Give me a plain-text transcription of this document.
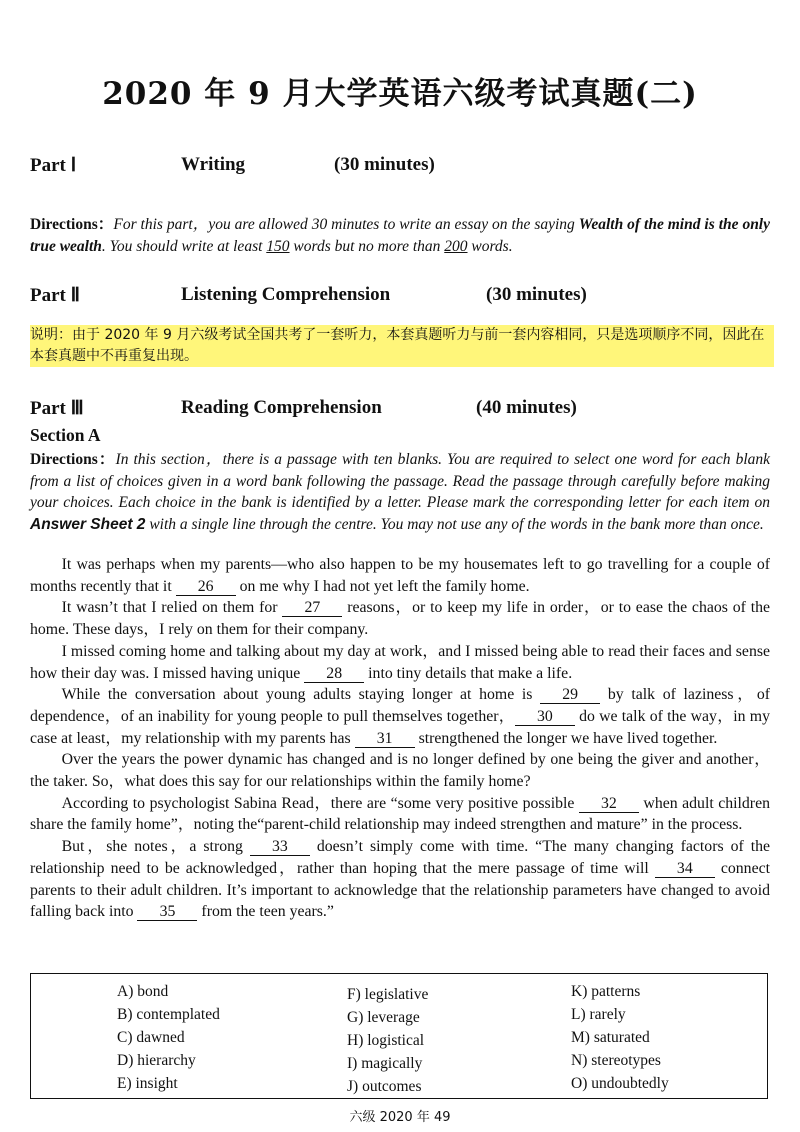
2020 年 9 月大学英语六级考试真题(二)
Part Ⅰ	Writing	(30 minutes)
Directions：For this part，you are allowed 30 minutes to write an essay on the saying Wealth of the mind is the only true wealth. You should write at least 150 words but no more than 200 words.
Part Ⅱ	Listening Comprehension	(30 minutes)
说明：由于 2020 年 9 月六级考试全国共考了一套听力，本套真题听力与前一套内容相同，只是选项顺序不同，因此在本套真题中不再重复出现。
Part Ⅲ	Reading Comprehension	(40 minutes)
Section A
Directions：In this section，there is a passage with ten blanks. You are required to select one word for each blank from a list of choices given in a word bank following the passage. Read the passage through carefully before making your choices. Each choice in the bank is identified by a letter. Please mark the corresponding letter for each item on Answer Sheet 2 with a single line through the centre. You may not use any of the words in the bank more than once.

It was perhaps when my parents—who also happen to be my housemates left to go travelling for a couple of months recently that it 26 on me why I had not yet left the family home.

It wasn’t that I relied on them for 27 reasons，or to keep my life in order，or to ease the chaos of the home. These days，I rely on them for their company.

I missed coming home and talking about my day at work，and I missed being able to read their faces and sense how their day was. I missed having unique 28 into tiny details that make a life.

While the conversation about young adults staying longer at home is 29 by talk of laziness，of dependence，of an inability for young people to pull themselves together， 30 do we talk of the way，in my case at least，my relationship with my parents has 31 strengthened the longer we have lived together.

Over the years the power dynamic has changed and is no longer defined by one being the giver and another，the taker. So，what does this say for our relationships within the family home?

According to psychologist Sabina Read，there are “some very positive possible 32 when adult children share the family home”，noting the“parent-child relationship may indeed strengthen and mature” in the process.

But，she notes，a strong 33 doesn’t simply come with time. “The many changing factors of the relationship need to be acknowledged，rather than hoping that the mere passage of time will 34 connect parents to their adult children. It’s important to acknowledge that the relationship parameters have changed to avoid falling back into 35 from the teen years.”

A) bond
B) contemplated
C) dawned
D) hierarchy
E) insight
F) legislative
G) leverage
H) logistical
I) magically
J) outcomes
K) patterns
L) rarely
M) saturated
N) stereotypes
O) undoubtedly
六级 2020 年 49
